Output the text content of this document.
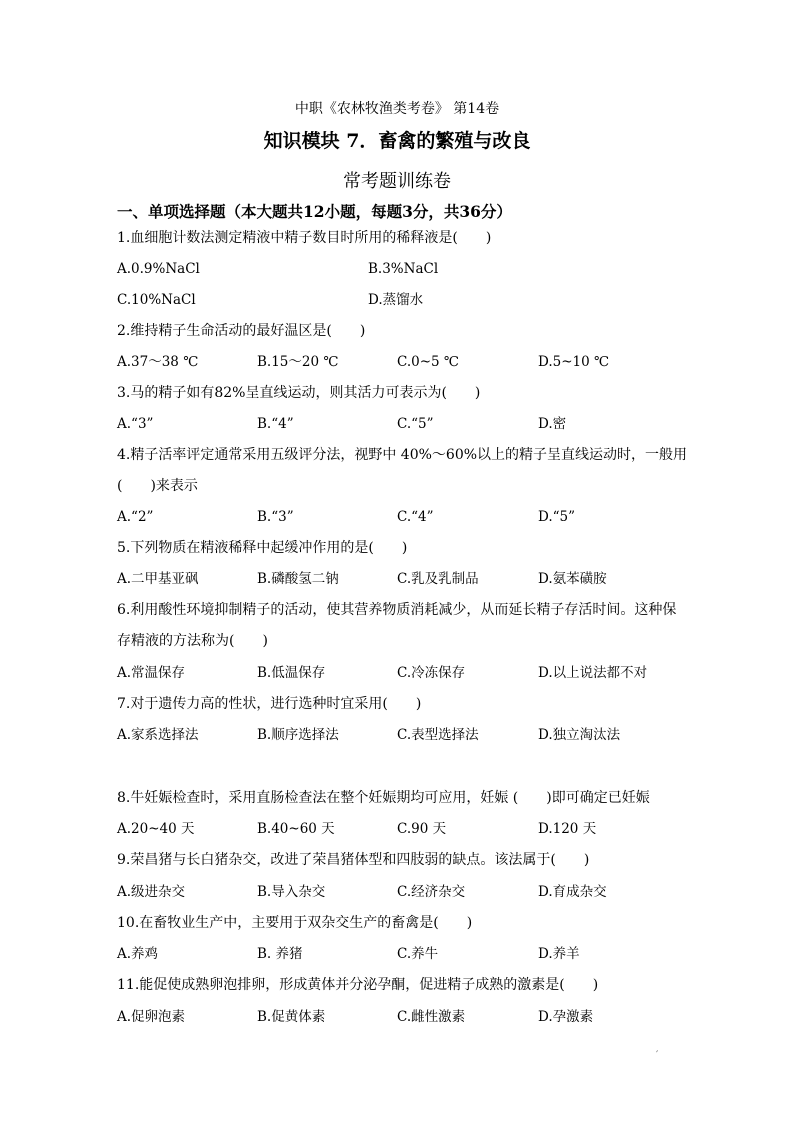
中职《农林牧渔类考卷》 第14卷
知识模块 7．畜禽的繁殖与改良
常考题训练卷
一、单项选择题（本大题共12小题，每题3分，共36分）
1.血细胞计数法测定精液中精子数目时所用的稀释液是(　　)
A.0.9%NaCl	B.3%NaCl
C.10%NaCl	D.蒸馏水
2.维持精子生命活动的最好温区是(　　)
A.37～38 ℃	B.15～20 ℃	C.0~5 ℃	D.5~10 ℃
3.马的精子如有82%呈直线运动，则其活力可表示为(　　)
A.“3”	B.“4”	C.“5”	D.密
4.精子活率评定通常采用五级评分法，视野中 40%～60%以上的精子呈直线运动时，一般用
(　　)来表示
A.“2”	B.“3”	C.“4”	D.“5”
5.下列物质在精液稀释中起缓冲作用的是(　　)
A.二甲基亚砜	B.磷酸氢二钠	C.乳及乳制品	D.氨苯磺胺
6.利用酸性环境抑制精子的活动，使其营养物质消耗减少，从而延长精子存活时间。这种保
存精液的方法称为(　　)
A.常温保存	B.低温保存	C.冷冻保存	D.以上说法都不对
7.对于遗传力高的性状，进行选种时宜采用(　　)
A.家系选择法	B.顺序选择法	C.表型选择法	D.独立淘汰法
8.牛妊娠检查时，采用直肠检查法在整个妊娠期均可应用，妊娠 (　　)即可确定已妊娠
A.20~40 天	B.40~60 天	C.90 天	D.120 天
9.荣昌猪与长白猪杂交，改进了荣昌猪体型和四肢弱的缺点。该法属于(　　)
A.级进杂交	B.导入杂交	C.经济杂交	D.育成杂交
10.在畜牧业生产中，主要用于双杂交生产的畜禽是(　　)
A.养鸡	B. 养猪	C.养牛	D.养羊
11.能促使成熟卵泡排卵，形成黄体并分泌孕酮，促进精子成熟的激素是(　　)
A.促卵泡素	B.促黄体素	C.雌性激素	D.孕激素
′
